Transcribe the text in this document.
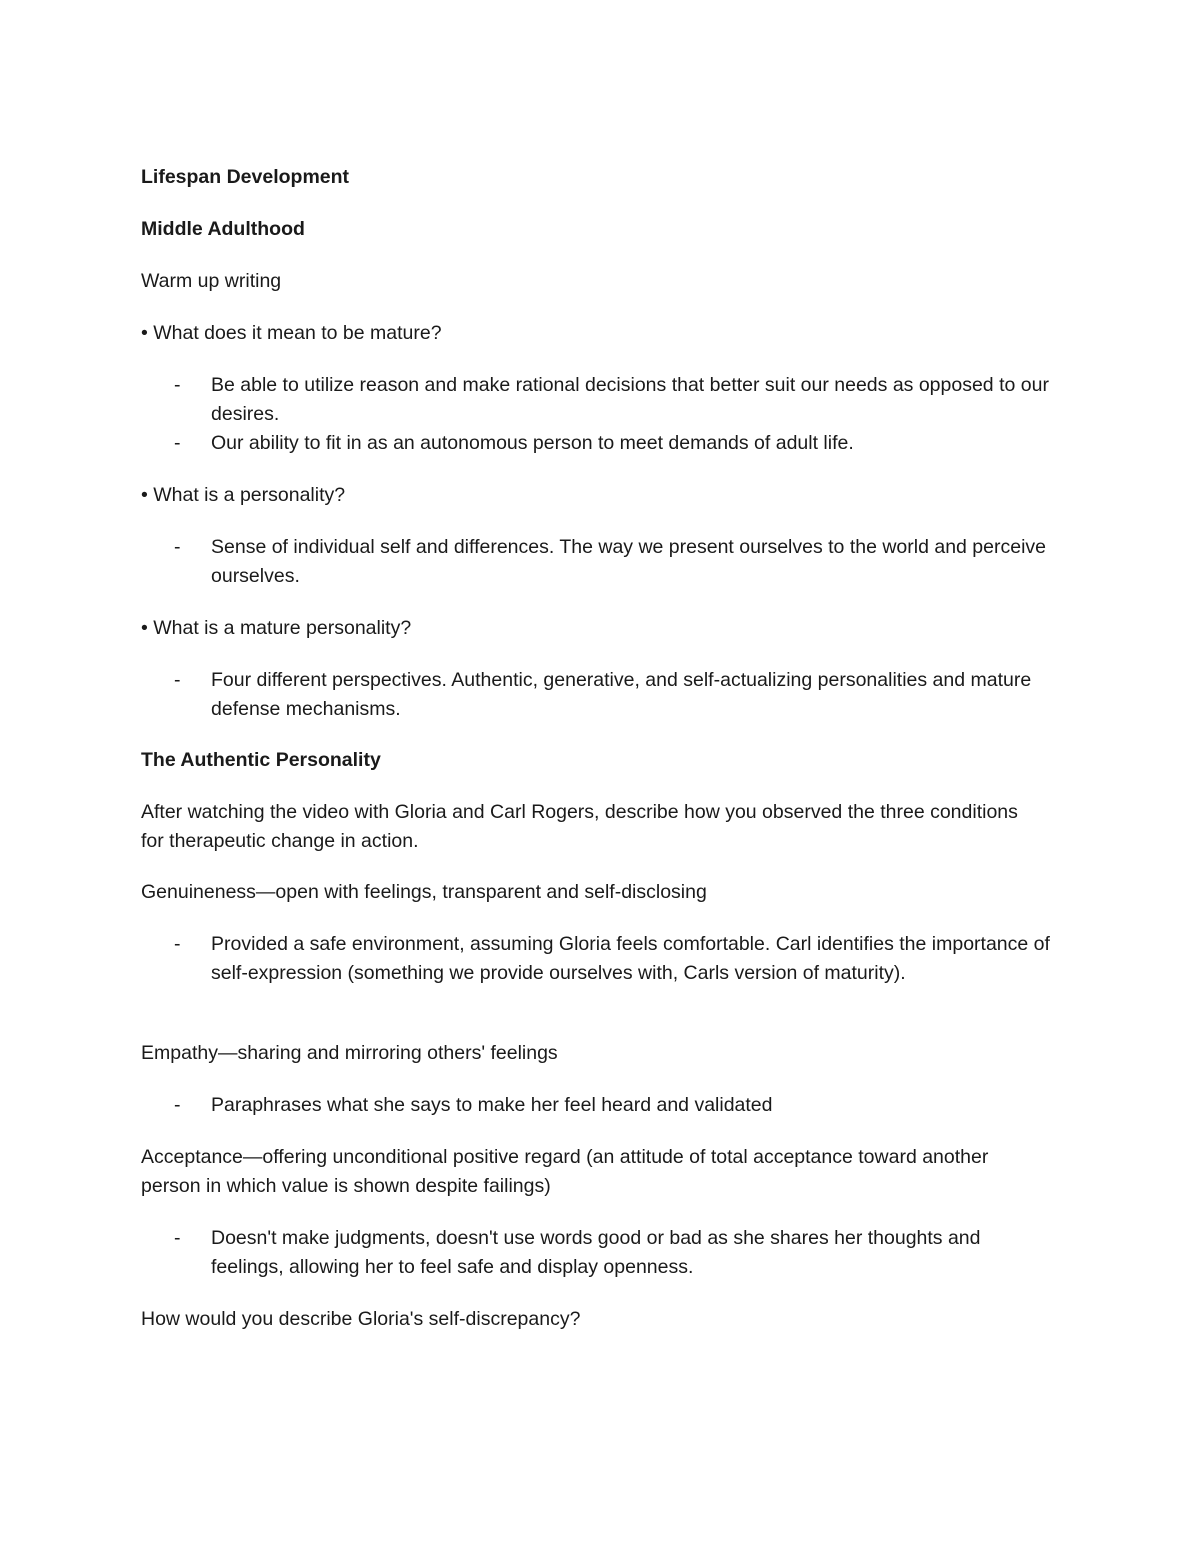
Lifespan Development

Middle Adulthood

Warm up writing

• What does it mean to be mature?

- Be able to utilize reason and make rational decisions that better suit our needs as opposed to our desires.

- Our ability to fit in as an autonomous person to meet demands of adult life.

• What is a personality?

- Sense of individual self and differences. The way we present ourselves to the world and perceive ourselves.

• What is a mature personality?

- Four different perspectives. Authentic, generative, and self-actualizing personalities and mature defense mechanisms.

The Authentic Personality

After watching the video with Gloria and Carl Rogers, describe how you observed the three conditions for therapeutic change in action.

Genuineness—open with feelings, transparent and self-disclosing

- Provided a safe environment, assuming Gloria feels comfortable. Carl identifies the importance of self-expression (something we provide ourselves with, Carls version of maturity).

Empathy—sharing and mirroring others' feelings

- Paraphrases what she says to make her feel heard and validated

Acceptance—offering unconditional positive regard (an attitude of total acceptance toward another person in which value is shown despite failings)

- Doesn't make judgments, doesn't use words good or bad as she shares her thoughts and feelings, allowing her to feel safe and display openness.

How would you describe Gloria's self-discrepancy?
